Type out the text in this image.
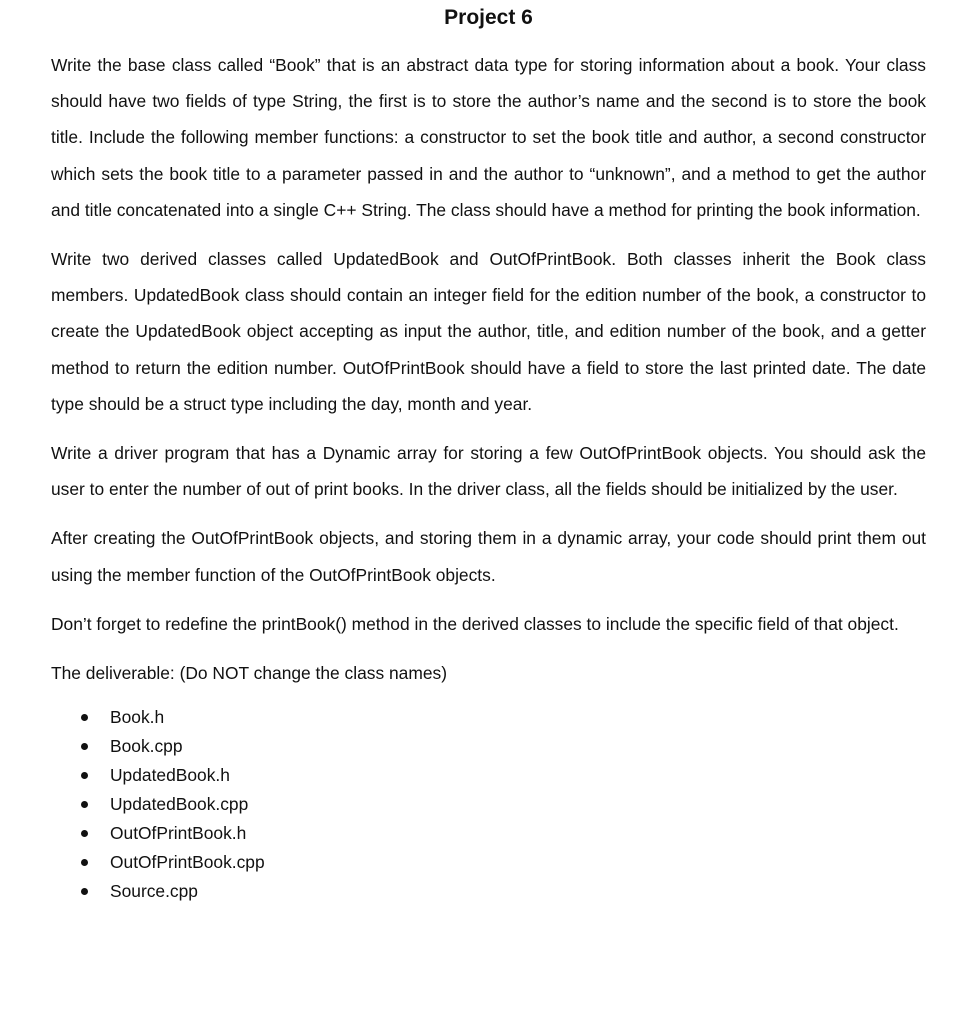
Project 6

Write the base class called “Book” that is an abstract data type for storing information about a book. Your class should have two fields of type String, the first is to store the author’s name and the second is to store the book title. Include the following member functions: a constructor to set the book title and author, a second constructor which sets the book title to a parameter passed in and the author to “unknown”, and a method to get the author and title concatenated into a single C++ String. The class should have a method for printing the book information.

Write two derived classes called UpdatedBook and OutOfPrintBook. Both classes inherit the Book class members. UpdatedBook class should contain an integer field for the edition number of the book, a constructor to create the UpdatedBook object accepting as input the author, title, and edition number of the book, and a getter method to return the edition number. OutOfPrintBook should have a field to store the last printed date. The date type should be a struct type including the day, month and year.

Write a driver program that has a Dynamic array for storing a few OutOfPrintBook objects. You should ask the user to enter the number of out of print books. In the driver class, all the fields should be initialized by the user.

After creating the OutOfPrintBook objects, and storing them in a dynamic array, your code should print them out using the member function of the OutOfPrintBook objects.

Don’t forget to redefine the printBook() method in the derived classes to include the specific field of that object.

The deliverable: (Do NOT change the class names)

Book.h
Book.cpp
UpdatedBook.h
UpdatedBook.cpp
OutOfPrintBook.h
OutOfPrintBook.cpp
Source.cpp
